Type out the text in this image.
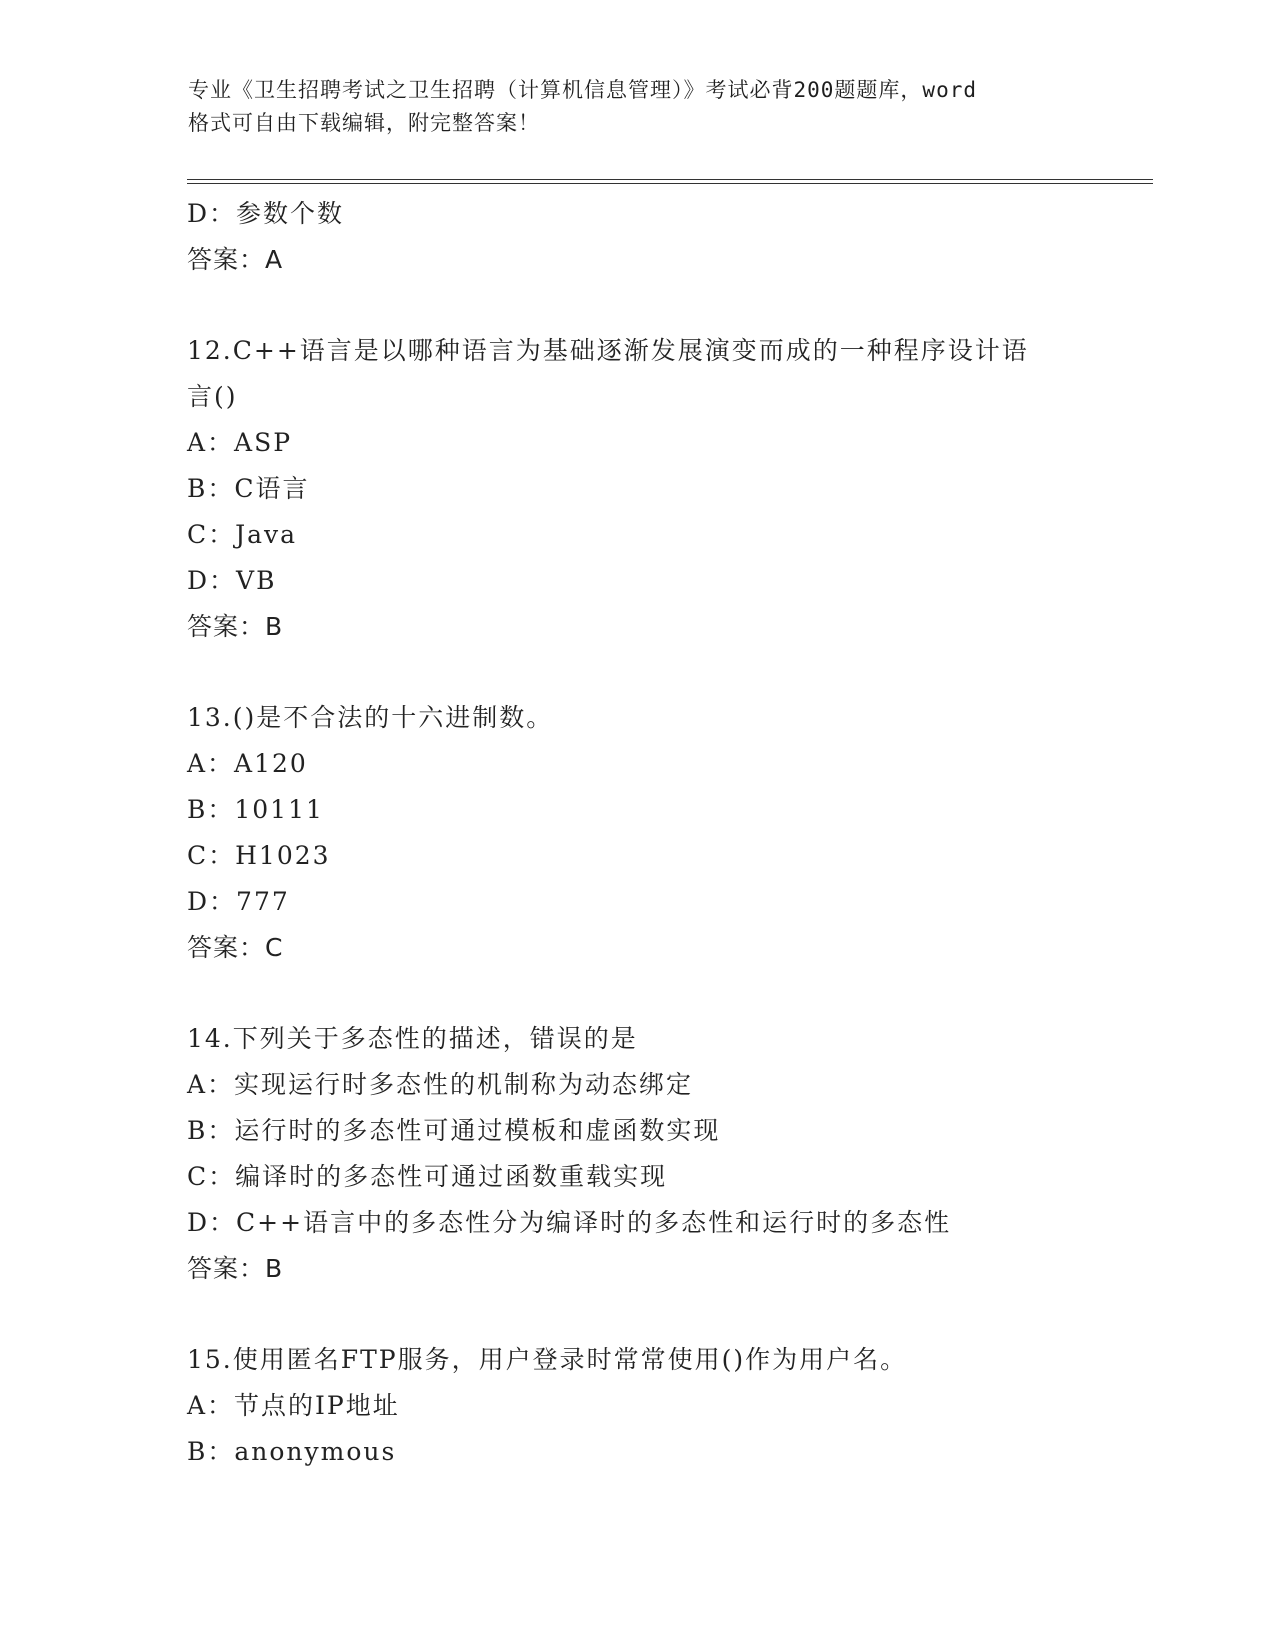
专业《卫生招聘考试之卫生招聘（计算机信息管理）》考试必背200题题库，word
格式可自由下载编辑，附完整答案！
D：参数个数
答案：A
12.C++语言是以哪种语言为基础逐渐发展演变而成的一种程序设计语
言()
A：ASP
B：C语言
C：Java
D：VB
答案：B
13.()是不合法的十六进制数。
A：A120
B：10111
C：H1023
D：777
答案：C
14.下列关于多态性的描述，错误的是
A：实现运行时多态性的机制称为动态绑定
B：运行时的多态性可通过模板和虚函数实现
C：编译时的多态性可通过函数重载实现
D：C++语言中的多态性分为编译时的多态性和运行时的多态性
答案：B
15.使用匿名FTP服务，用户登录时常常使用()作为用户名。
A：节点的IP地址
B：anonymous
